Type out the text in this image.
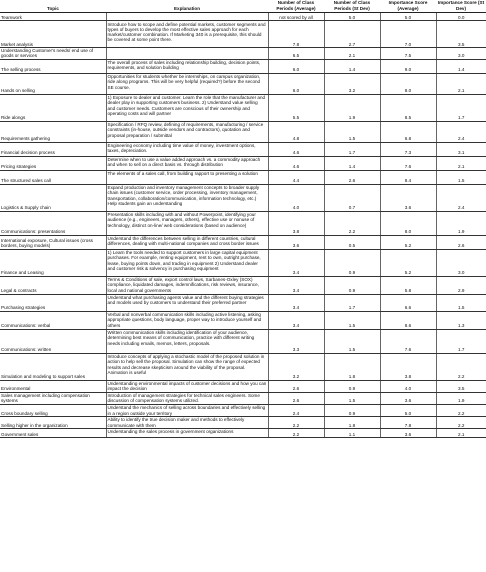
Topic	Explanation	Number of Class Periods (Average)	Number of Class Periods (St Dev)	Importance Score (Average)	Importance Score (St Dev)
Teamwork		not scored by all	5.0	5.0	0.0
Market analysis	Introduce how to scope and define potential markets, customer segments and types of buyers to develop the most effective sales approach for each market/customer combination. If Marketing 340 is a prerequisite, this should be covered at some point there.	7.8	2.7	7.0	3.5
Understanding Customer's needs/ end use of goods or services		6.5	2.1	7.5	3.0
The selling process	The overall process of sales including relationship building, decision points, requirements, and solution building	6.0	1.4	9.0	1.4
Hands on selling	Opportunities for students whether be internships, on campus organization, ride along programs. This will be very helpful (required?) before the second SE course.	6.0	3.2	8.0	2.1
Ride alongs	1) Exposure to dealer and customer. Learn the role that the manufacturer and dealer play in supporting customers business. 2) Understand value selling and customer needs. Customers are conscious of their ownership and operating costs and will partner	5.5	1.9	8.5	1.7
Requirements gathering	Specification / RFQ review, defining of requirements, manufacturing / service constraints (in-house, outside vendors and contractors), quotation and proposal preparation / submittal	4.8	1.5	6.8	2.4
Financial decision process	Engineering economy including time value of money, investment options, taxes, depreciation.	4.6	1.7	7.3	3.1
Pricing strategies	Determine when to use a value added approach vs. a commodity approach and when to sell on a direct basis vs. through distribution	4.6	1.4	7.6	2.1
The structured sales call	The elements of a sales call, from building rapport to presenting a solution	4.4	2.6	8.4	1.5
Logistics & Supply chain	Expand production and inventory management concepts to broader supply chain issues (customer service, order processing, inventory management, transportation, collaboration/communication, information technology, etc.) Help students gain an understanding	4.0	0.7	3.6	2.4
Communications: presentations	Presentation skills including with and without Powerpoint, identifying your audience (e.g., engineers, managers, others), effective use or nonuse of technology, distinct on-line/ web considerations (based on audience)	3.8	2.2	8.0	1.9
International exposure, Cultural issues (cross borders, buying models)	Understand the differences between selling in different countries, cultural differences, dealing with multi-national companies and cross border issues	3.6	0.5	5.2	2.6
Finance and Leasing	1) Learn the tools needed to support customers in large capital equipment purchases. For example, renting equipment, rent to own, outright purchase, lease, buying points down, and trading in equipment 2) Understand dealer and customer risk & solvency in purchasing equipment	3.4	0.9	5.2	3.0
Legal & contracts	Terms & Conditions of sale, export control laws, Sarbanes-Oxley (SOX) compliance, liquidated damages, indemnifications, risk reviews, insurance, local and national governments	3.4	0.9	5.8	2.9
Purchasing strategies	Understand what purchasing agents value and the different buying strategies and models used by customers to understand their preferred partner	3.4	1.7	6.6	1.5
Communications: verbal	Verbal and nonverbal communication skills including active listening, asking appropriate questions, body language, proper way to introduce yourself and others	3.4	1.5	8.6	1.3
Communications: written	Written communication skills including identification of your audience, determining best means of communication, practice with different writing needs including emails, memos, letters, proposals.	3.3	1.5	7.6	1.7
Simulation and modeling to support sales	Introduce concepts of applying a stochastic model of the proposed solution in action to help sell the proposal. Simulation can show the range of expected results and decrease skepticism around the viability of the proposal. Animation is useful	3.2	1.8	3.8	2.2
Environmental	Understanding environmental impacts of customer decisions and how you can impact the decision	2.6	0.9	4.0	3.5
Sales management including compensation systems	Introduction of management strategies for technical sales engineers. Some discussion of compensation systems utilized.	2.6	1.5	3.6	1.9
Cross boundary selling	Understand the mechanics of selling across boundaries and effectively selling in a region outside your territory	2.4	0.9	5.0	2.2
Selling higher in the organization	Ability to identify the true decision maker and methods to effectively communicate with them	2.2	1.8	7.8	2.2
Government sales	Understanding the sales process in government organizations	2.2	1.1	3.6	2.1
